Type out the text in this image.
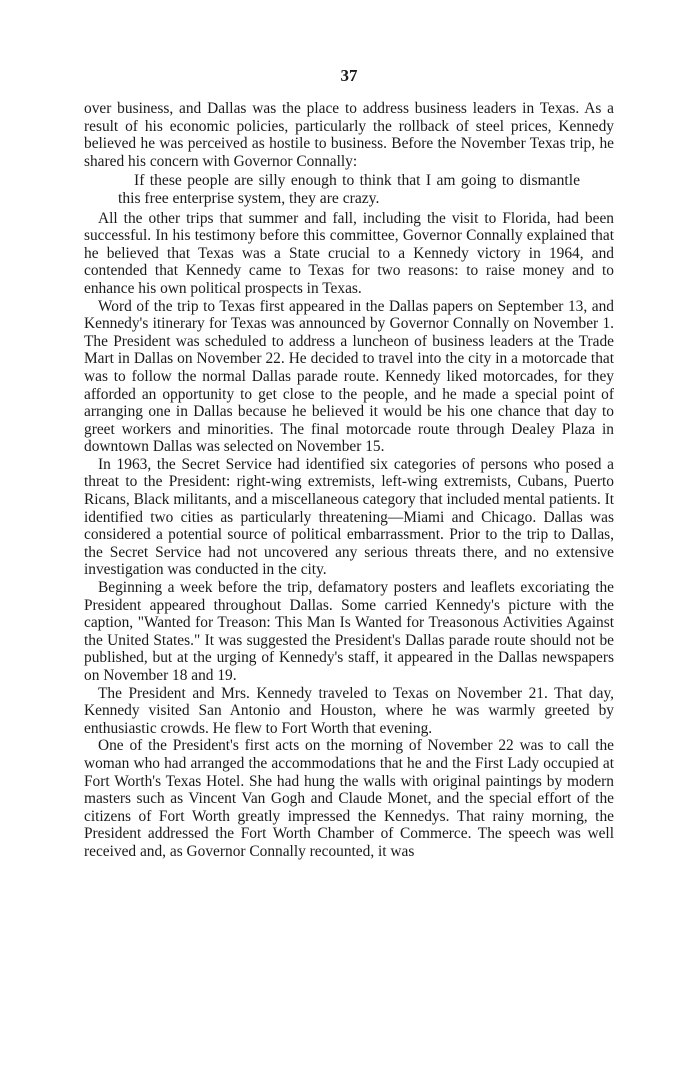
37

over business, and Dallas was the place to address business leaders in Texas. As a result of his economic policies, particularly the rollback of steel prices, Kennedy believed he was perceived as hostile to business. Before the November Texas trip, he shared his concern with Governor Connally:

If these people are silly enough to think that I am going to dismantle this free enterprise system, they are crazy.

All the other trips that summer and fall, including the visit to Florida, had been successful. In his testimony before this committee, Governor Connally explained that he believed that Texas was a State crucial to a Kennedy victory in 1964, and contended that Kennedy came to Texas for two reasons: to raise money and to enhance his own political prospects in Texas.

Word of the trip to Texas first appeared in the Dallas papers on September 13, and Kennedy's itinerary for Texas was announced by Governor Connally on November 1. The President was scheduled to address a luncheon of business leaders at the Trade Mart in Dallas on November 22. He decided to travel into the city in a motorcade that was to follow the normal Dallas parade route. Kennedy liked motorcades, for they afforded an opportunity to get close to the people, and he made a special point of arranging one in Dallas because he believed it would be his one chance that day to greet workers and minorities. The final motorcade route through Dealey Plaza in downtown Dallas was selected on November 15.

In 1963, the Secret Service had identified six categories of persons who posed a threat to the President: right-wing extremists, left-wing extremists, Cubans, Puerto Ricans, Black militants, and a miscellaneous category that included mental patients. It identified two cities as particularly threatening—Miami and Chicago. Dallas was considered a potential source of political embarrassment. Prior to the trip to Dallas, the Secret Service had not uncovered any serious threats there, and no extensive investigation was conducted in the city.

Beginning a week before the trip, defamatory posters and leaflets excoriating the President appeared throughout Dallas. Some carried Kennedy's picture with the caption, "Wanted for Treason: This Man Is Wanted for Treasonous Activities Against the United States." It was suggested the President's Dallas parade route should not be published, but at the urging of Kennedy's staff, it appeared in the Dallas newspapers on November 18 and 19.

The President and Mrs. Kennedy traveled to Texas on November 21. That day, Kennedy visited San Antonio and Houston, where he was warmly greeted by enthusiastic crowds. He flew to Fort Worth that evening.

One of the President's first acts on the morning of November 22 was to call the woman who had arranged the accommodations that he and the First Lady occupied at Fort Worth's Texas Hotel. She had hung the walls with original paintings by modern masters such as Vincent Van Gogh and Claude Monet, and the special effort of the citizens of Fort Worth greatly impressed the Kennedys. That rainy morning, the President addressed the Fort Worth Chamber of Commerce. The speech was well received and, as Governor Connally recounted, it was
